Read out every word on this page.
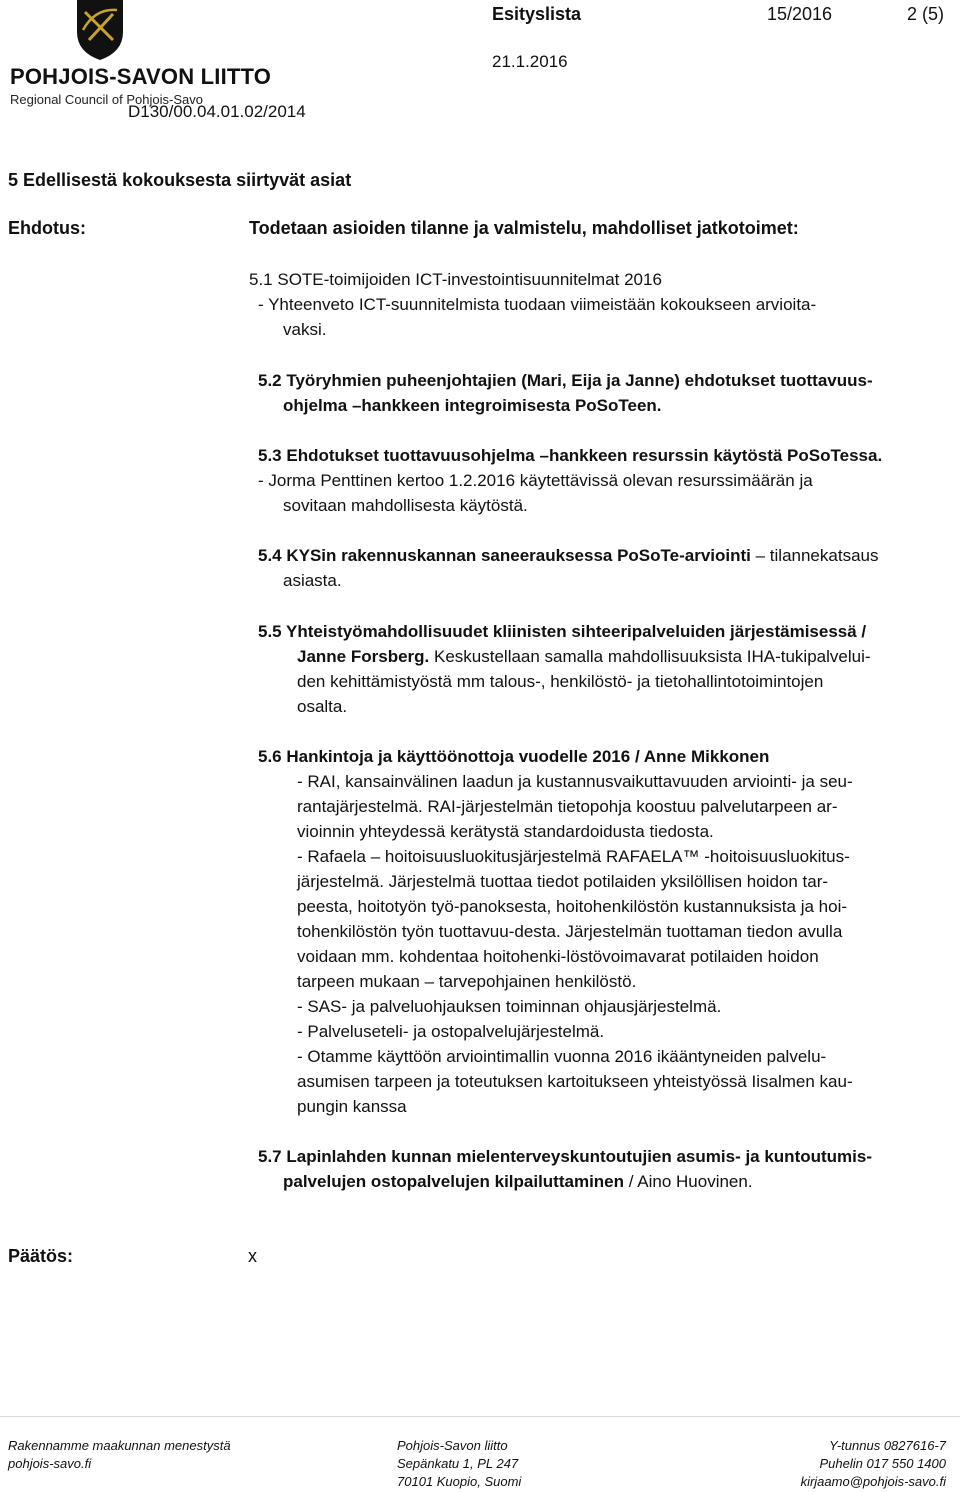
POHJOIS-SAVON LIITTO
Regional Council of Pohjois-Savo
D130/00.04.01.02/2014
Esityslista	15/2016	2 (5)
21.1.2016
5 Edellisestä kokouksesta siirtyvät asiat
Ehdotus:	Todetaan asioiden tilanne ja valmistelu, mahdolliset jatkotoimet:
5.1 SOTE-toimijoiden ICT-investointisuunnitelmat 2016
- Yhteenveto ICT-suunnitelmista tuodaan viimeistään kokoukseen arvioita-
vaksi.
5.2 Työryhmien puheenjohtajien (Mari, Eija ja Janne) ehdotukset tuottavuus-
ohjelma –hankkeen integroimisesta PoSoTeen.
5.3 Ehdotukset tuottavuusohjelma –hankkeen resurssin käytöstä PoSoTessa.
- Jorma Penttinen kertoo 1.2.2016 käytettävissä olevan resurssimäärän ja
sovitaan mahdollisesta käytöstä.
5.4 KYSin rakennuskannan saneerauksessa PoSoTe-arviointi – tilannekatsaus
asiasta.
5.5 Yhteistyömahdollisuudet kliinisten sihteeripalveluiden järjestämisessä /
Janne Forsberg. Keskustellaan samalla mahdollisuuksista IHA-tukipalvelui-
den kehittämistyöstä mm talous-, henkilöstö- ja tietohallintotoimintojen
osalta.
5.6 Hankintoja ja käyttöönottoja vuodelle 2016 / Anne Mikkonen
- RAI, kansainvälinen laadun ja kustannusvaikuttavuuden arviointi- ja seu-
rantajärjestelmä. RAI-järjestelmän tietopohja koostuu palvelutarpeen ar-
vioinnin yhteydessä kerätystä standardoidusta tiedosta.
- Rafaela – hoitoisuusluokitusjärjestelmä RAFAELA™ -hoitoisuusluokitus-
järjestelmä. Järjestelmä tuottaa tiedot potilaiden yksilöllisen hoidon tar-
peesta, hoitotyön työ-panoksesta, hoitohenkilöstön kustannuksista ja hoi-
tohenkilöstön työn tuottavuu-desta. Järjestelmän tuottaman tiedon avulla
voidaan mm. kohdentaa hoitohenki-löstövoimavarat potilaiden hoidon
tarpeen mukaan – tarvepohjainen henkilöstö.
- SAS- ja palveluohjauksen toiminnan ohjausjärjestelmä.
- Palveluseteli- ja ostopalvelujärjestelmä.
- Otamme käyttöön arviointimallin vuonna 2016 ikääntyneiden palvelu-
asumisen tarpeen ja toteutuksen kartoitukseen yhteistyössä Iisalmen kau-
pungin kanssa
5.7 Lapinlahden kunnan mielenterveyskuntoutujien asumis- ja kuntoutumis-
palvelujen ostopalvelujen kilpailuttaminen / Aino Huovinen.
Päätös:	x
Rakennamme maakunnan menestystä
pohjois-savo.fi
Pohjois-Savon liitto
Sepänkatu 1, PL 247
70101 Kuopio, Suomi
Y-tunnus 0827616-7
Puhelin 017 550 1400
kirjaamo@pohjois-savo.fi
